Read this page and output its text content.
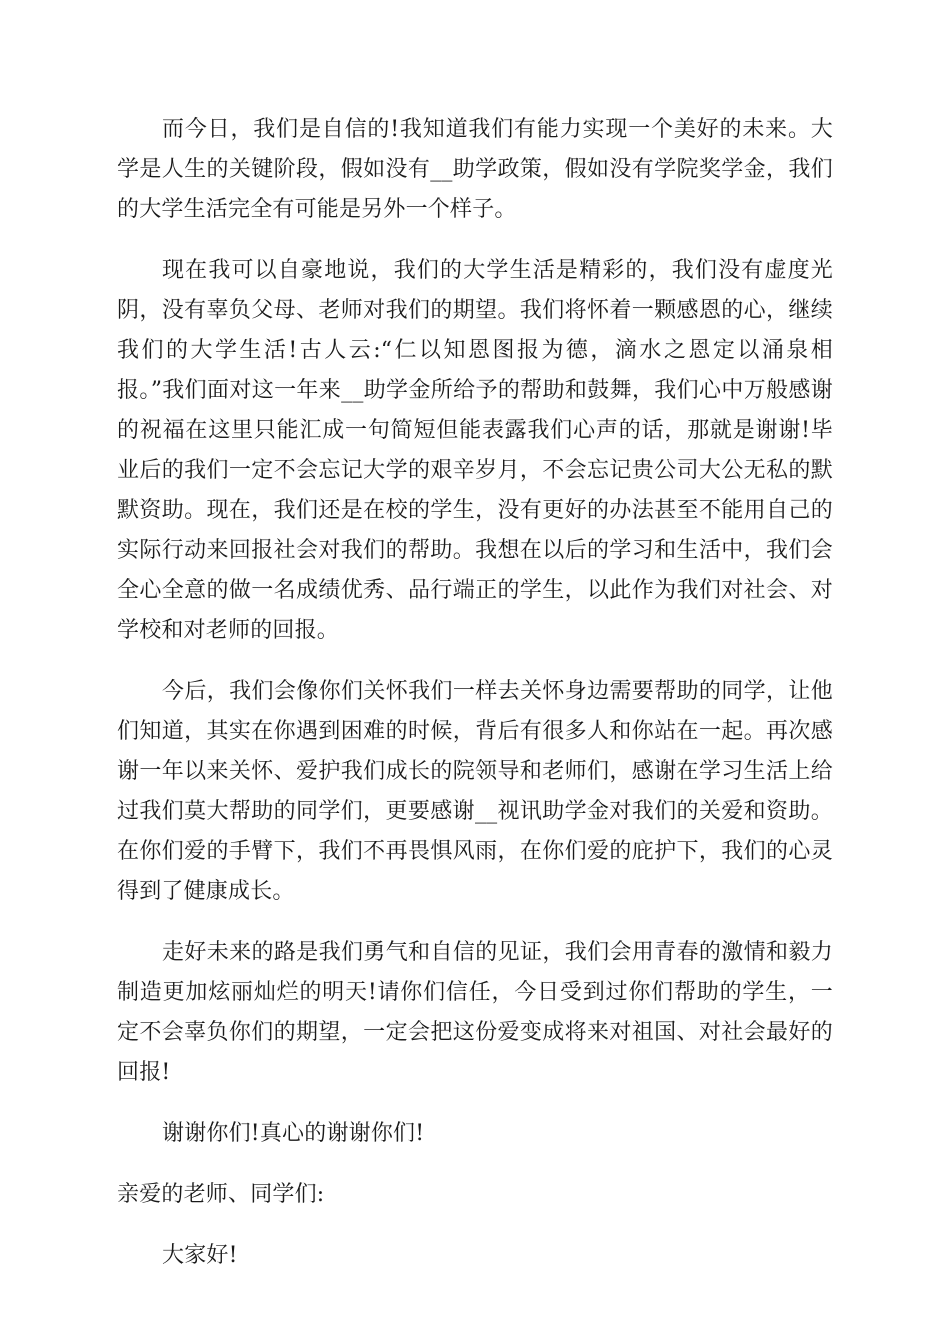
而今日，我们是自信的!我知道我们有能力实现一个美好的未来。大学是人生的关键阶段，假如没有__助学政策，假如没有学院奖学金，我们的大学生活完全有可能是另外一个样子。

现在我可以自豪地说，我们的大学生活是精彩的，我们没有虚度光阴，没有辜负父母、老师对我们的期望。我们将怀着一颗感恩的心，继续我们的大学生活!古人云:“仁以知恩图报为德，滴水之恩定以涌泉相报。”我们面对这一年来__助学金所给予的帮助和鼓舞，我们心中万般感谢的祝福在这里只能汇成一句简短但能表露我们心声的话，那就是谢谢!毕业后的我们一定不会忘记大学的艰辛岁月，不会忘记贵公司大公无私的默默资助。现在，我们还是在校的学生，没有更好的办法甚至不能用自己的实际行动来回报社会对我们的帮助。我想在以后的学习和生活中，我们会全心全意的做一名成绩优秀、品行端正的学生，以此作为我们对社会、对学校和对老师的回报。

今后，我们会像你们关怀我们一样去关怀身边需要帮助的同学，让他们知道，其实在你遇到困难的时候，背后有很多人和你站在一起。再次感谢一年以来关怀、爱护我们成长的院领导和老师们，感谢在学习生活上给过我们莫大帮助的同学们，更要感谢__视讯助学金对我们的关爱和资助。在你们爱的手臂下，我们不再畏惧风雨，在你们爱的庇护下，我们的心灵得到了健康成长。

走好未来的路是我们勇气和自信的见证，我们会用青春的激情和毅力制造更加炫丽灿烂的明天!请你们信任，今日受到过你们帮助的学生，一定不会辜负你们的期望，一定会把这份爱变成将来对祖国、对社会最好的回报!

谢谢你们!真心的谢谢你们!

亲爱的老师、同学们:

大家好!
